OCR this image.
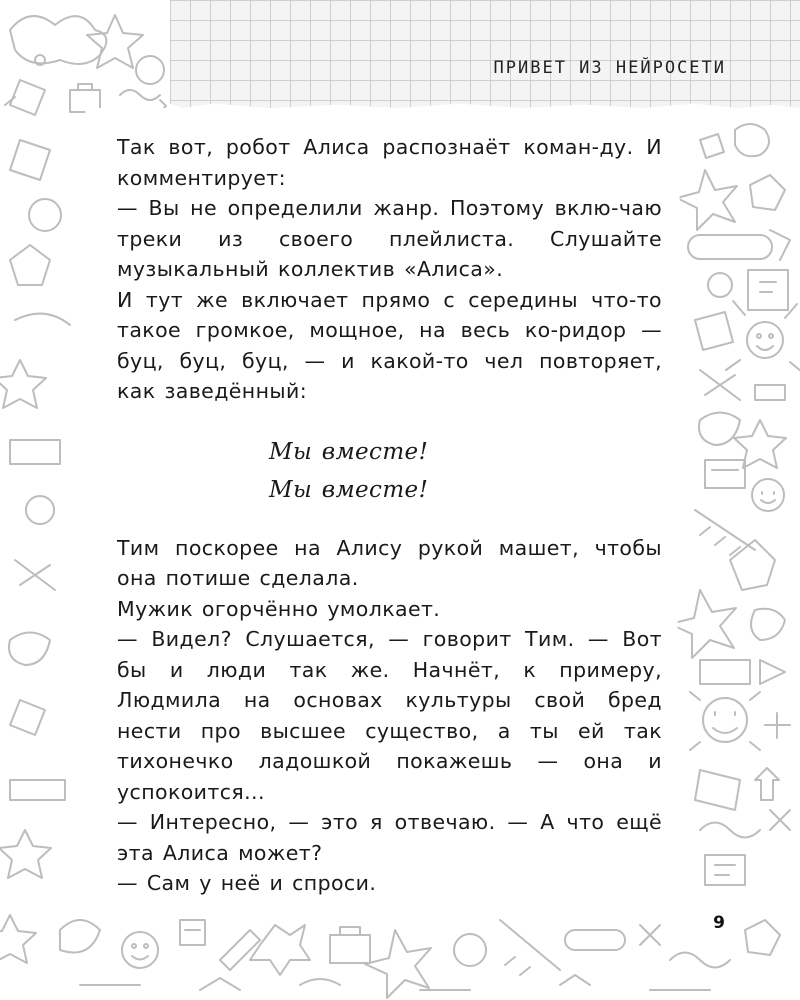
ПРИВЕТ ИЗ НЕЙРОСЕТИ

Так вот, робот Алиса распознаёт коман-ду. И комментирует:

— Вы не определили жанр. Поэтому вклю-чаю треки из своего плейлиста. Слушайте музыкальный коллектив «Алиса».

И тут же включает прямо с середины что-то такое громкое, мощное, на весь ко-ридор — буц, буц, буц, — и какой-то чел повторяет, как заведённый:

Мы вместе!
Мы вместе!

Тим поскорее на Алису рукой машет, чтобы она потише сделала.

Мужик огорчённо умолкает.

— Видел? Слушается, — говорит Тим. — Вот бы и люди так же. Начнёт, к примеру, Людмила на основах культуры свой бред нести про высшее существо, а ты ей так тихонечко ладошкой покажешь — она и успокоится...

— Интересно, — это я отвечаю. — А что ещё эта Алиса может?

— Сам у неё и спроси.

9
